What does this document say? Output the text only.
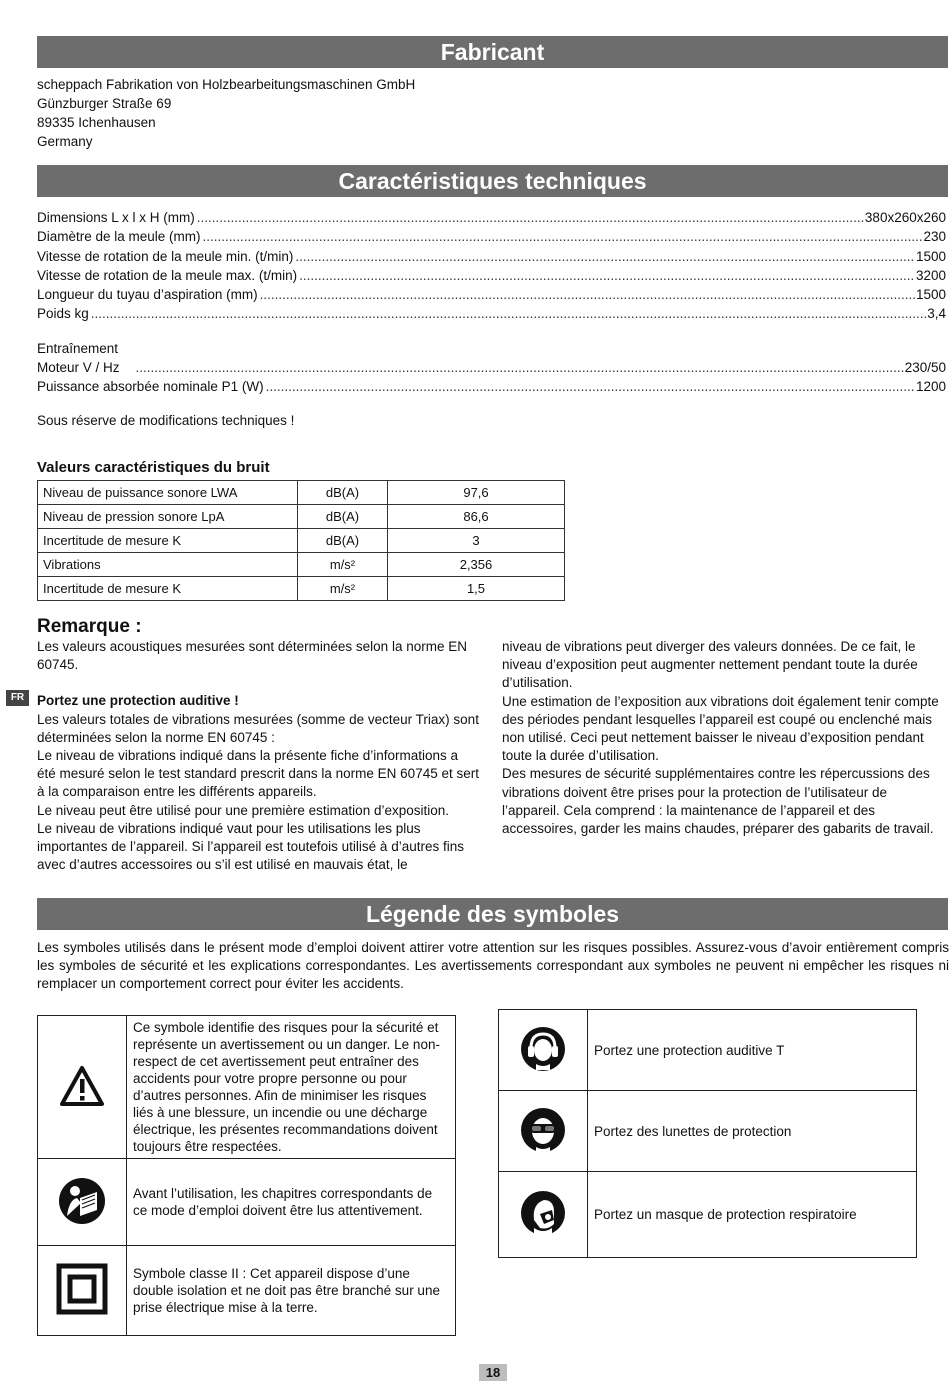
Fabricant
scheppach Fabrikation von Holzbearbeitungsmaschinen GmbH
Günzburger Straße 69
89335 Ichenhausen
Germany
Caractéristiques techniques
Dimensions L x l x H (mm) .....	380x260x260
Diamètre de la meule (mm) .....	230
Vitesse de rotation de la meule min. (t/min) .....	1500
Vitesse de rotation de la meule max. (t/min) .....	3200
Longueur du tuyau d’aspiration (mm) .....	1500
Poids kg .....	3,4
Entraînement
Moteur V / Hz .....	230/50
Puissance absorbée nominale P1 (W) .....	1200
Sous réserve de modifications techniques !
Valeurs caractéristiques du bruit
Niveau de puissance sonore LWA	dB(A)	97,6
Niveau de pression sonore LpA	dB(A)	86,6
Incertitude de mesure K	dB(A)	3
Vibrations	m/s²	2,356
Incertitude de mesure K	m/s²	1,5
Remarque :
FR

Les valeurs acoustiques mesurées sont déterminées selon la norme EN 60745.

Portez une protection auditive !

Les valeurs totales de vibrations mesurées (somme de vecteur Triax) sont déterminées selon la norme EN 60745 :

Le niveau de vibrations indiqué dans la présente fiche d’informations a été mesuré selon le test standard prescrit dans la norme EN 60745 et sert à la comparaison entre les différents appareils.

Le niveau peut être utilisé pour une première estimation d’exposition.

Le niveau de vibrations indiqué vaut pour les utilisations les plus importantes de l’appareil. Si l’appareil est toutefois utilisé à d’autres fins avec d’autres accessoires ou s’il est utilisé en mauvais état, le

niveau de vibrations peut diverger des valeurs données. De ce fait, le niveau d’exposition peut augmenter nettement pendant toute la durée d’utilisation.

Une estimation de l’exposition aux vibrations doit également tenir compte des périodes pendant lesquelles l’appareil est coupé ou enclenché mais non utilisé. Ceci peut nettement baisser le niveau d’exposition pendant toute la durée d’utilisation.

Des mesures de sécurité supplémentaires contre les répercussions des vibrations doivent être prises pour la protection de l’utilisateur de l’appareil. Cela comprend : la maintenance de l’appareil et des accessoires, garder les mains chaudes, préparer des gabarits de travail.

Légende des symboles
Les symboles utilisés dans le présent mode d’emploi doivent attirer votre attention sur les risques possibles. Assurez-vous d’avoir entièrement compris les symboles de sécurité et les explications correspondantes. Les avertissements correspondant aux symboles ne peuvent ni empêcher les risques ni remplacer un comportement correct pour éviter les accidents.
	Ce symbole identifie des risques pour la sécurité et représente un avertissement ou un danger. Le non-respect de cet avertissement peut entraîner des accidents pour votre propre personne ou pour d’autres personnes. Afin de minimiser les risques liés à une blessure, un incendie ou une décharge électrique, les présentes recommandations doivent toujours être respectées.
	Avant l’utilisation, les chapitres correspondants de ce mode d’emploi doivent être lus attentivement.
	Symbole classe II : Cet appareil dispose d’une double isolation et ne doit pas être branché sur une prise électrique mise à la terre.
	Portez une protection auditive T
	Portez des lunettes de protection
	Portez un masque de protection respiratoire
18
